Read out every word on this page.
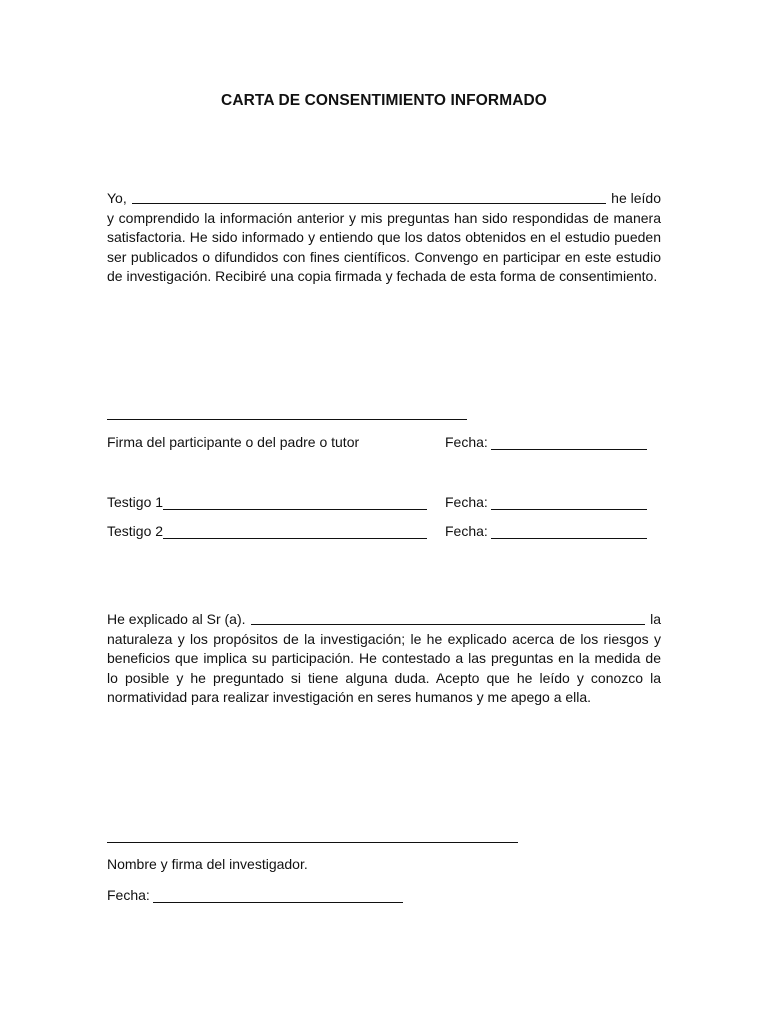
CARTA DE CONSENTIMIENTO INFORMADO
Yo,	he leído

y comprendido la información anterior y mis preguntas han sido respondidas de manera satisfactoria. He sido informado y entiendo que los datos obtenidos en el estudio pueden ser publicados o difundidos con fines científicos. Convengo en participar en este estudio de investigación. Recibiré una copia firmada y fechada de esta forma de consentimiento.

Firma del participante o del padre o tutor	Fecha:
Testigo 1	Fecha:
Testigo 2	Fecha:
He explicado al Sr (a).	la

naturaleza y los propósitos de la investigación; le he explicado acerca de los riesgos y beneficios que implica su participación. He contestado a las preguntas en la medida de lo posible y he preguntado si tiene alguna duda. Acepto que he leído y conozco la normatividad para realizar investigación en seres humanos y me apego a ella.

Nombre y firma del investigador.
Fecha:
